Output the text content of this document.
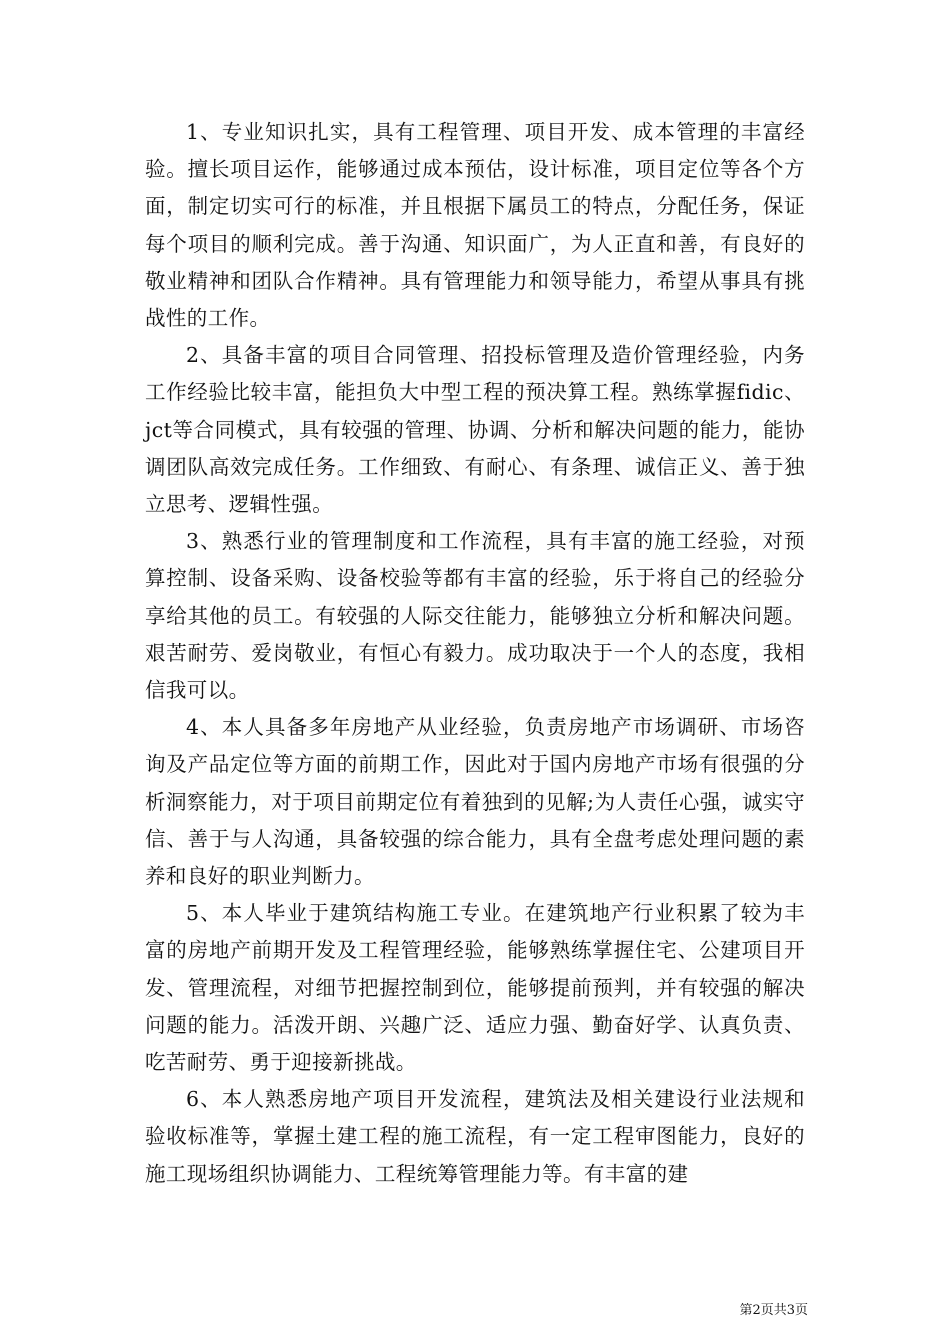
1、专业知识扎实，具有工程管理、项目开发、成本管理的丰富经验。擅长项目运作，能够通过成本预估，设计标准，项目定位等各个方面，制定切实可行的标准，并且根据下属员工的特点，分配任务，保证每个项目的顺利完成。善于沟通、知识面广，为人正直和善，有良好的敬业精神和团队合作精神。具有管理能力和领导能力，希望从事具有挑战性的工作。

2、具备丰富的项目合同管理、招投标管理及造价管理经验，内务工作经验比较丰富，能担负大中型工程的预决算工程。熟练掌握fidic、jct等合同模式，具有较强的管理、协调、分析和解决问题的能力，能协调团队高效完成任务。工作细致、有耐心、有条理、诚信正义、善于独立思考、逻辑性强。

3、熟悉行业的管理制度和工作流程，具有丰富的施工经验，对预算控制、设备采购、设备校验等都有丰富的经验，乐于将自己的经验分享给其他的员工。有较强的人际交往能力，能够独立分析和解决问题。艰苦耐劳、爱岗敬业，有恒心有毅力。成功取决于一个人的态度，我相信我可以。

4、本人具备多年房地产从业经验，负责房地产市场调研、市场咨询及产品定位等方面的前期工作，因此对于国内房地产市场有很强的分析洞察能力，对于项目前期定位有着独到的见解;为人责任心强，诚实守信、善于与人沟通，具备较强的综合能力，具有全盘考虑处理问题的素养和良好的职业判断力。

5、本人毕业于建筑结构施工专业。在建筑地产行业积累了较为丰富的房地产前期开发及工程管理经验，能够熟练掌握住宅、公建项目开发、管理流程，对细节把握控制到位，能够提前预判，并有较强的解决问题的能力。活泼开朗、兴趣广泛、适应力强、勤奋好学、认真负责、吃苦耐劳、勇于迎接新挑战。

6、本人熟悉房地产项目开发流程，建筑法及相关建设行业法规和验收标准等，掌握土建工程的施工流程，有一定工程审图能力，良好的施工现场组织协调能力、工程统筹管理能力等。有丰富的建

第2页共3页
